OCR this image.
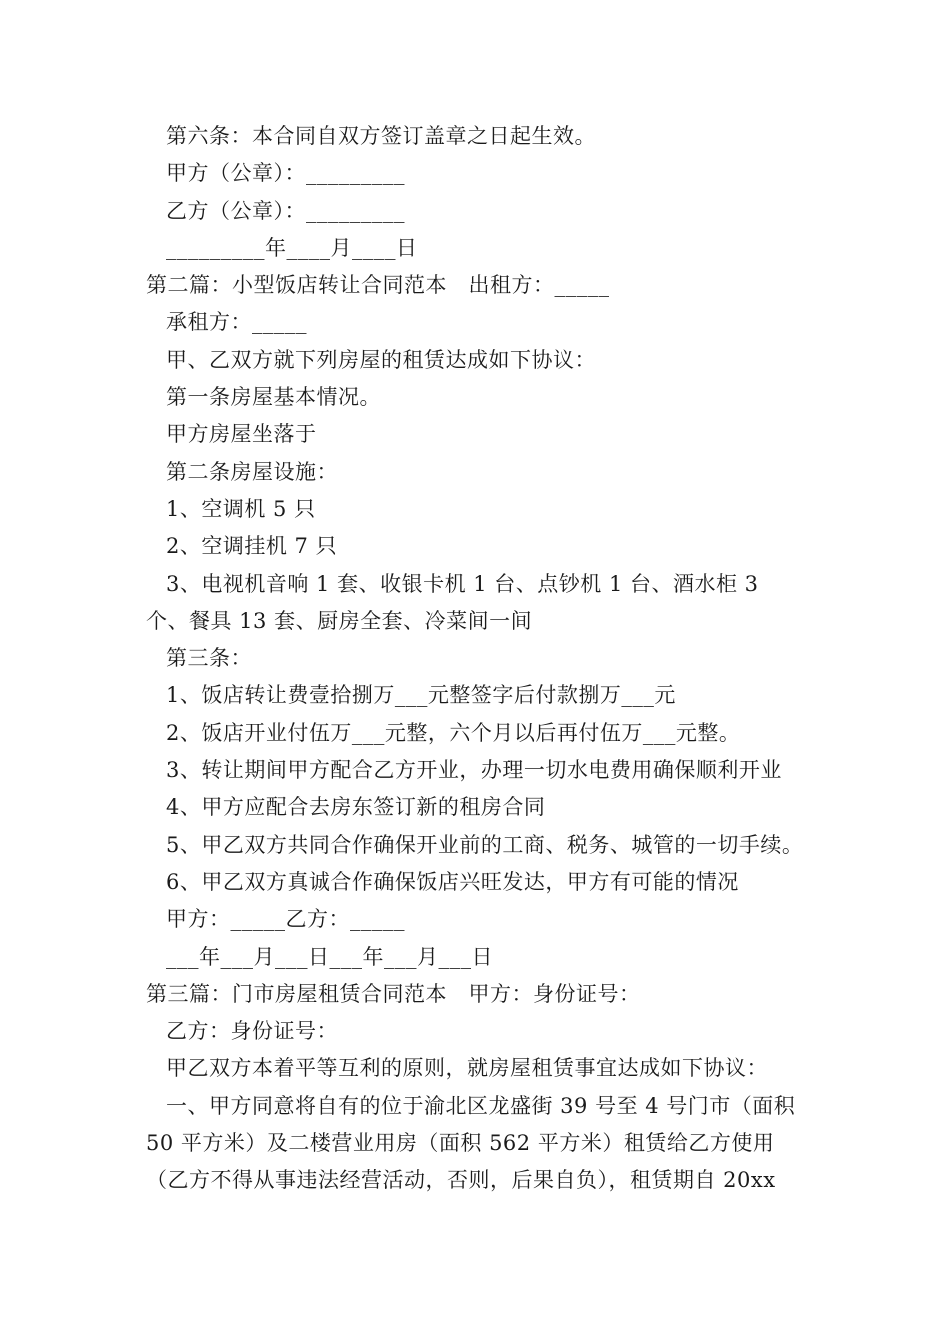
第六条：本合同自双方签订盖章之日起生效。
甲方（公章）：_________
乙方（公章）：_________
_________年____月____日
第二篇：小型饭店转让合同范本　出租方：_____
承租方：_____
甲、乙双方就下列房屋的租赁达成如下协议：
第一条房屋基本情况。
甲方房屋坐落于
第二条房屋设施：
1、空调机 5 只
2、空调挂机 7 只
3、电视机音响 1 套、收银卡机 1 台、点钞机 1 台、酒水柜 3 个、餐具 13 套、厨房全套、冷菜间一间
第三条：
1、饭店转让费壹拾捌万___元整签字后付款捌万___元
2、饭店开业付伍万___元整，六个月以后再付伍万___元整。
3、转让期间甲方配合乙方开业，办理一切水电费用确保顺利开业
4、甲方应配合去房东签订新的租房合同
5、甲乙双方共同合作确保开业前的工商、税务、城管的一切手续。
6、甲乙双方真诚合作确保饭店兴旺发达，甲方有可能的情况
甲方：_____乙方：_____
___年___月___日___年___月___日
第三篇：门市房屋租赁合同范本　甲方：身份证号：
乙方：身份证号：
甲乙双方本着平等互利的原则，就房屋租赁事宜达成如下协议：
一、甲方同意将自有的位于渝北区龙盛街 39 号至 4 号门市（面积 50 平方米）及二楼营业用房（面积 562 平方米）租赁给乙方使用（乙方不得从事违法经营活动，否则，后果自负），租赁期自 20xx
